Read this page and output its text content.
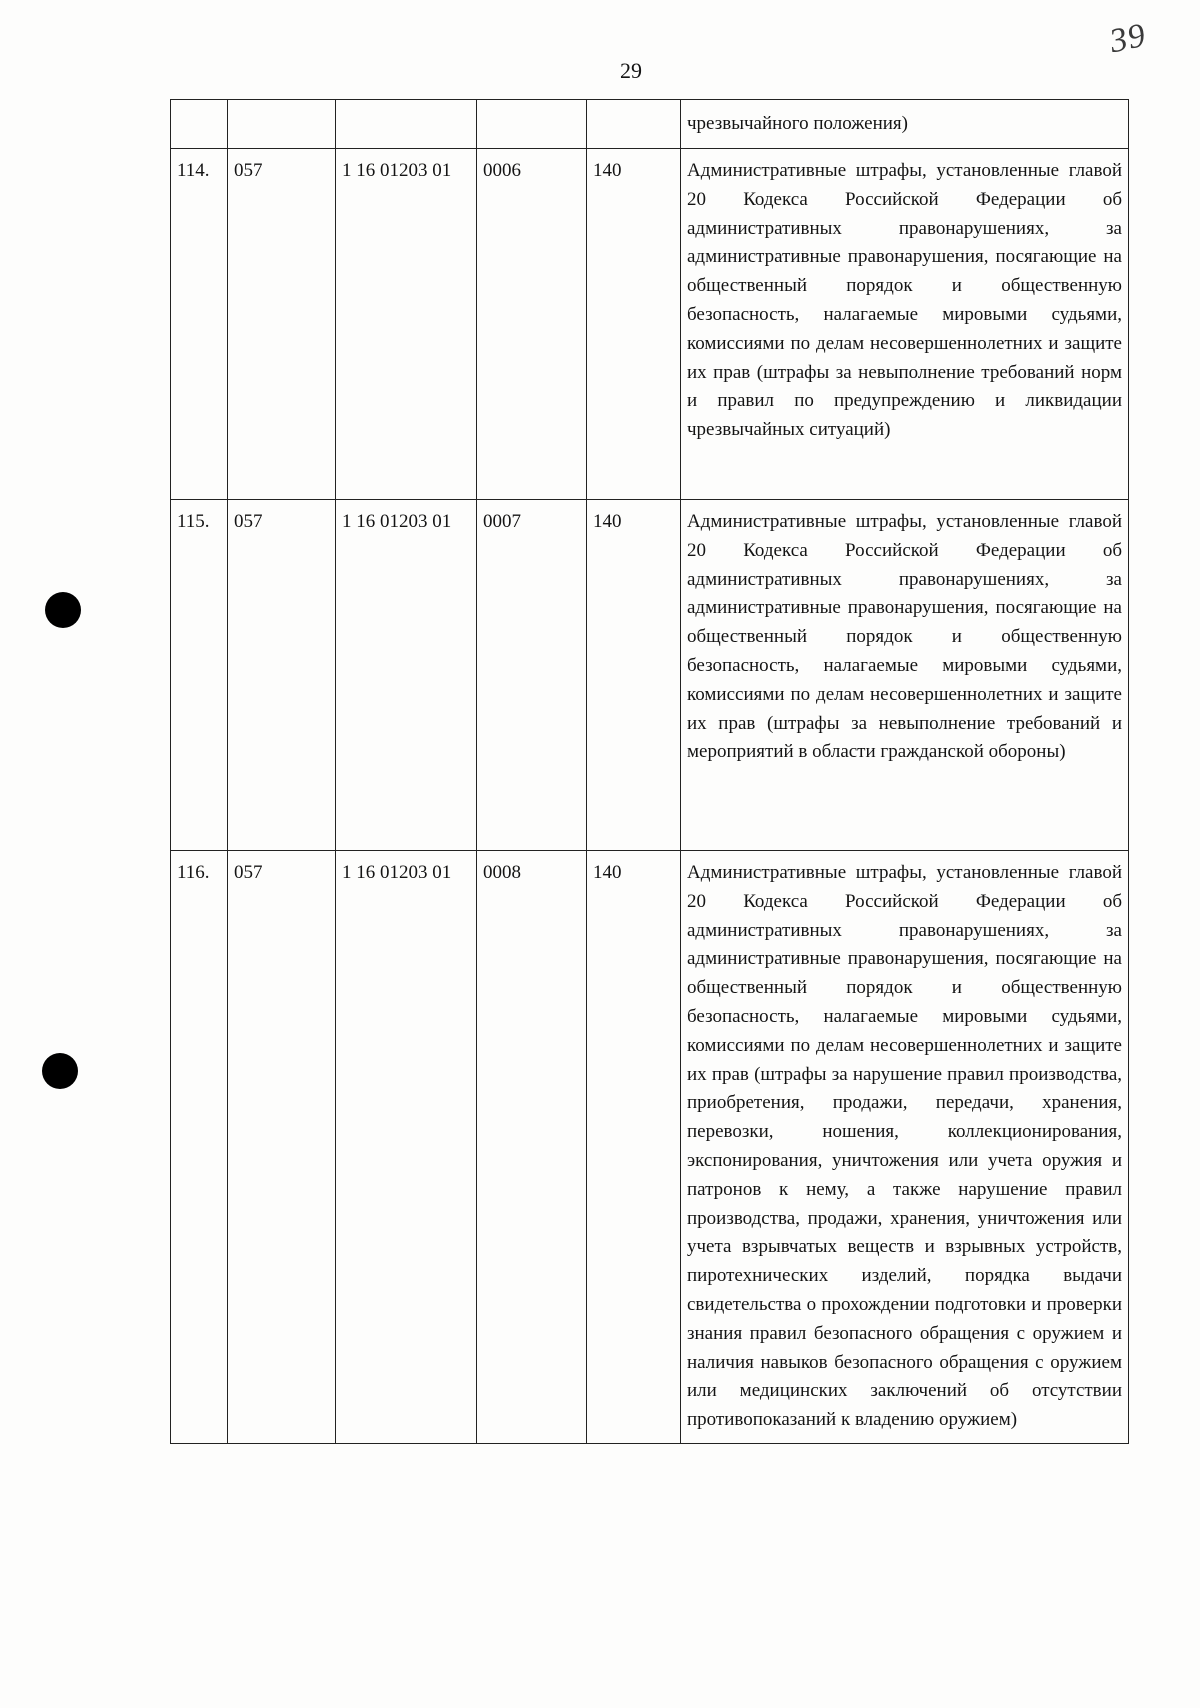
29
39
					чрезвычайного положения)
114.	057	1 16 01203 01	0006	140	Административные штрафы, установленные главой 20 Кодекса Российской Федерации об административных правонарушениях, за административные правонарушения, посягающие на общественный порядок и общественную безопасность, налагаемые мировыми судьями, комиссиями по делам несовершеннолетних и защите их прав (штрафы за невыполнение требований норм и правил по предупреждению и ликвидации чрезвычайных ситуаций)
115.	057	1 16 01203 01	0007	140	Административные штрафы, установленные главой 20 Кодекса Российской Федерации об административных правонарушениях, за административные правонарушения, посягающие на общественный порядок и общественную безопасность, налагаемые мировыми судьями, комиссиями по делам несовершеннолетних и защите их прав (штрафы за невыполнение требований и мероприятий в области гражданской обороны)
116.	057	1 16 01203 01	0008	140	Административные штрафы, установленные главой 20 Кодекса Российской Федерации об административных правонарушениях, за административные правонарушения, посягающие на общественный порядок и общественную безопасность, налагаемые мировыми судьями, комиссиями по делам несовершеннолетних и защите их прав (штрафы за нарушение правил производства, приобретения, продажи, передачи, хранения, перевозки, ношения, коллекционирования, экспонирования, уничтожения или учета оружия и патронов к нему, а также нарушение правил производства, продажи, хранения, уничтожения или учета взрывчатых веществ и взрывных устройств, пиротехнических изделий, порядка выдачи свидетельства о прохождении подготовки и проверки знания правил безопасного обращения с оружием и наличия навыков безопасного обращения с оружием или медицинских заключений об отсутствии противопоказаний к владению оружием)
